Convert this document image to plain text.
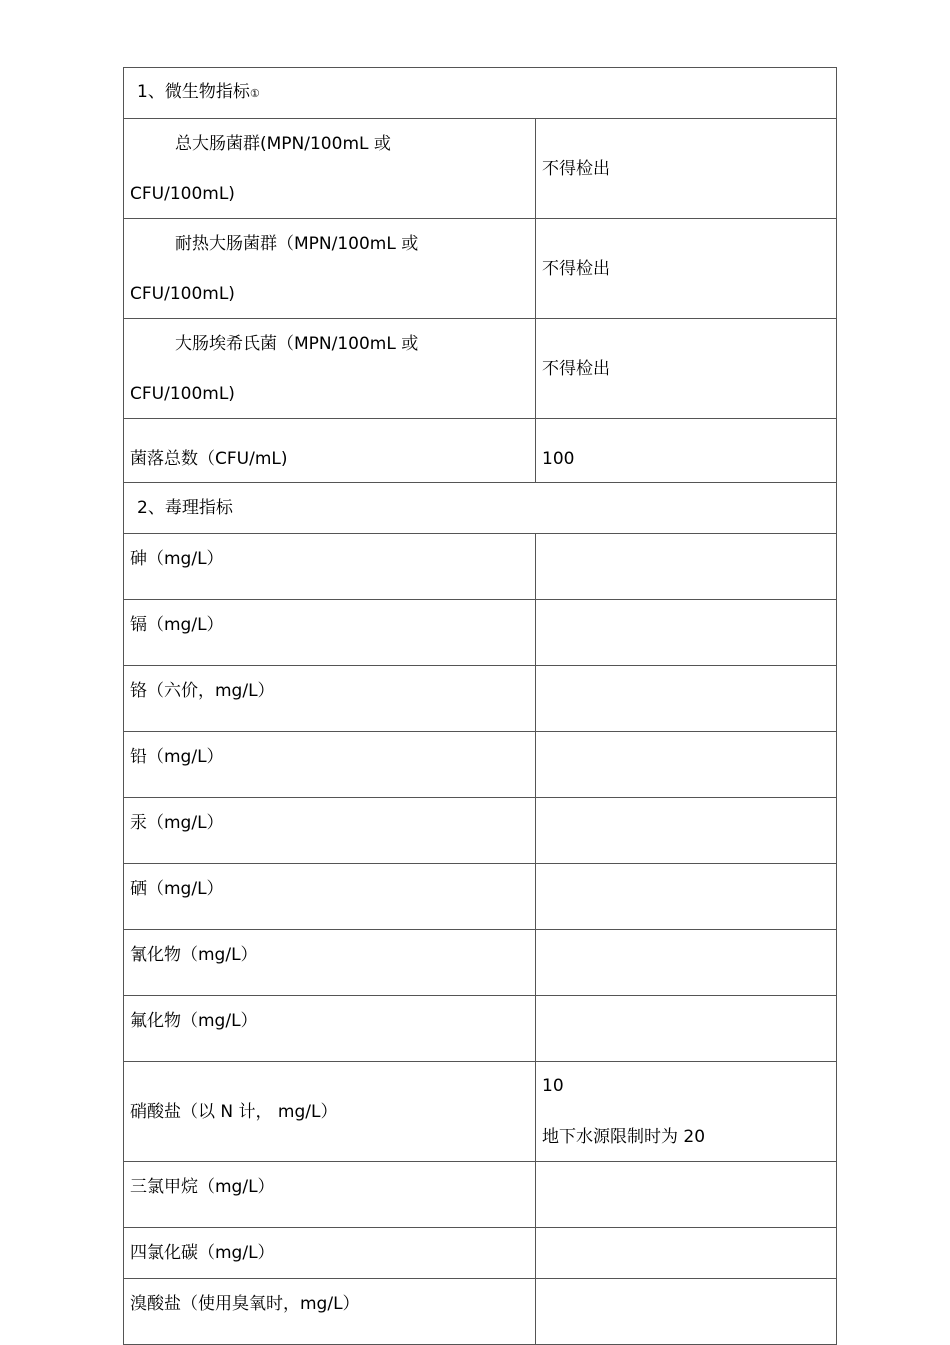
1、微生物指标①	

总大肠菌群(MPN/100mL 或
CFU/100mL)	不得检出

耐热大肠菌群（MPN/100mL 或
CFU/100mL)	不得检出

大肠埃希氏菌（MPN/100mL 或
CFU/100mL)	不得检出
菌落总数（CFU/mL)	100
2、毒理指标	
砷（mg/L）	
镉（mg/L）	
铬（六价，mg/L）	
铅（mg/L）	
汞（mg/L）	
硒（mg/L）	
氰化物（mg/L）	
氟化物（mg/L）	
硝酸盐（以 N 计， mg/L）	10
地下水源限制时为 20

三氯甲烷（mg/L）	
四氯化碳（mg/L）	
溴酸盐（使用臭氧时，mg/L）	
